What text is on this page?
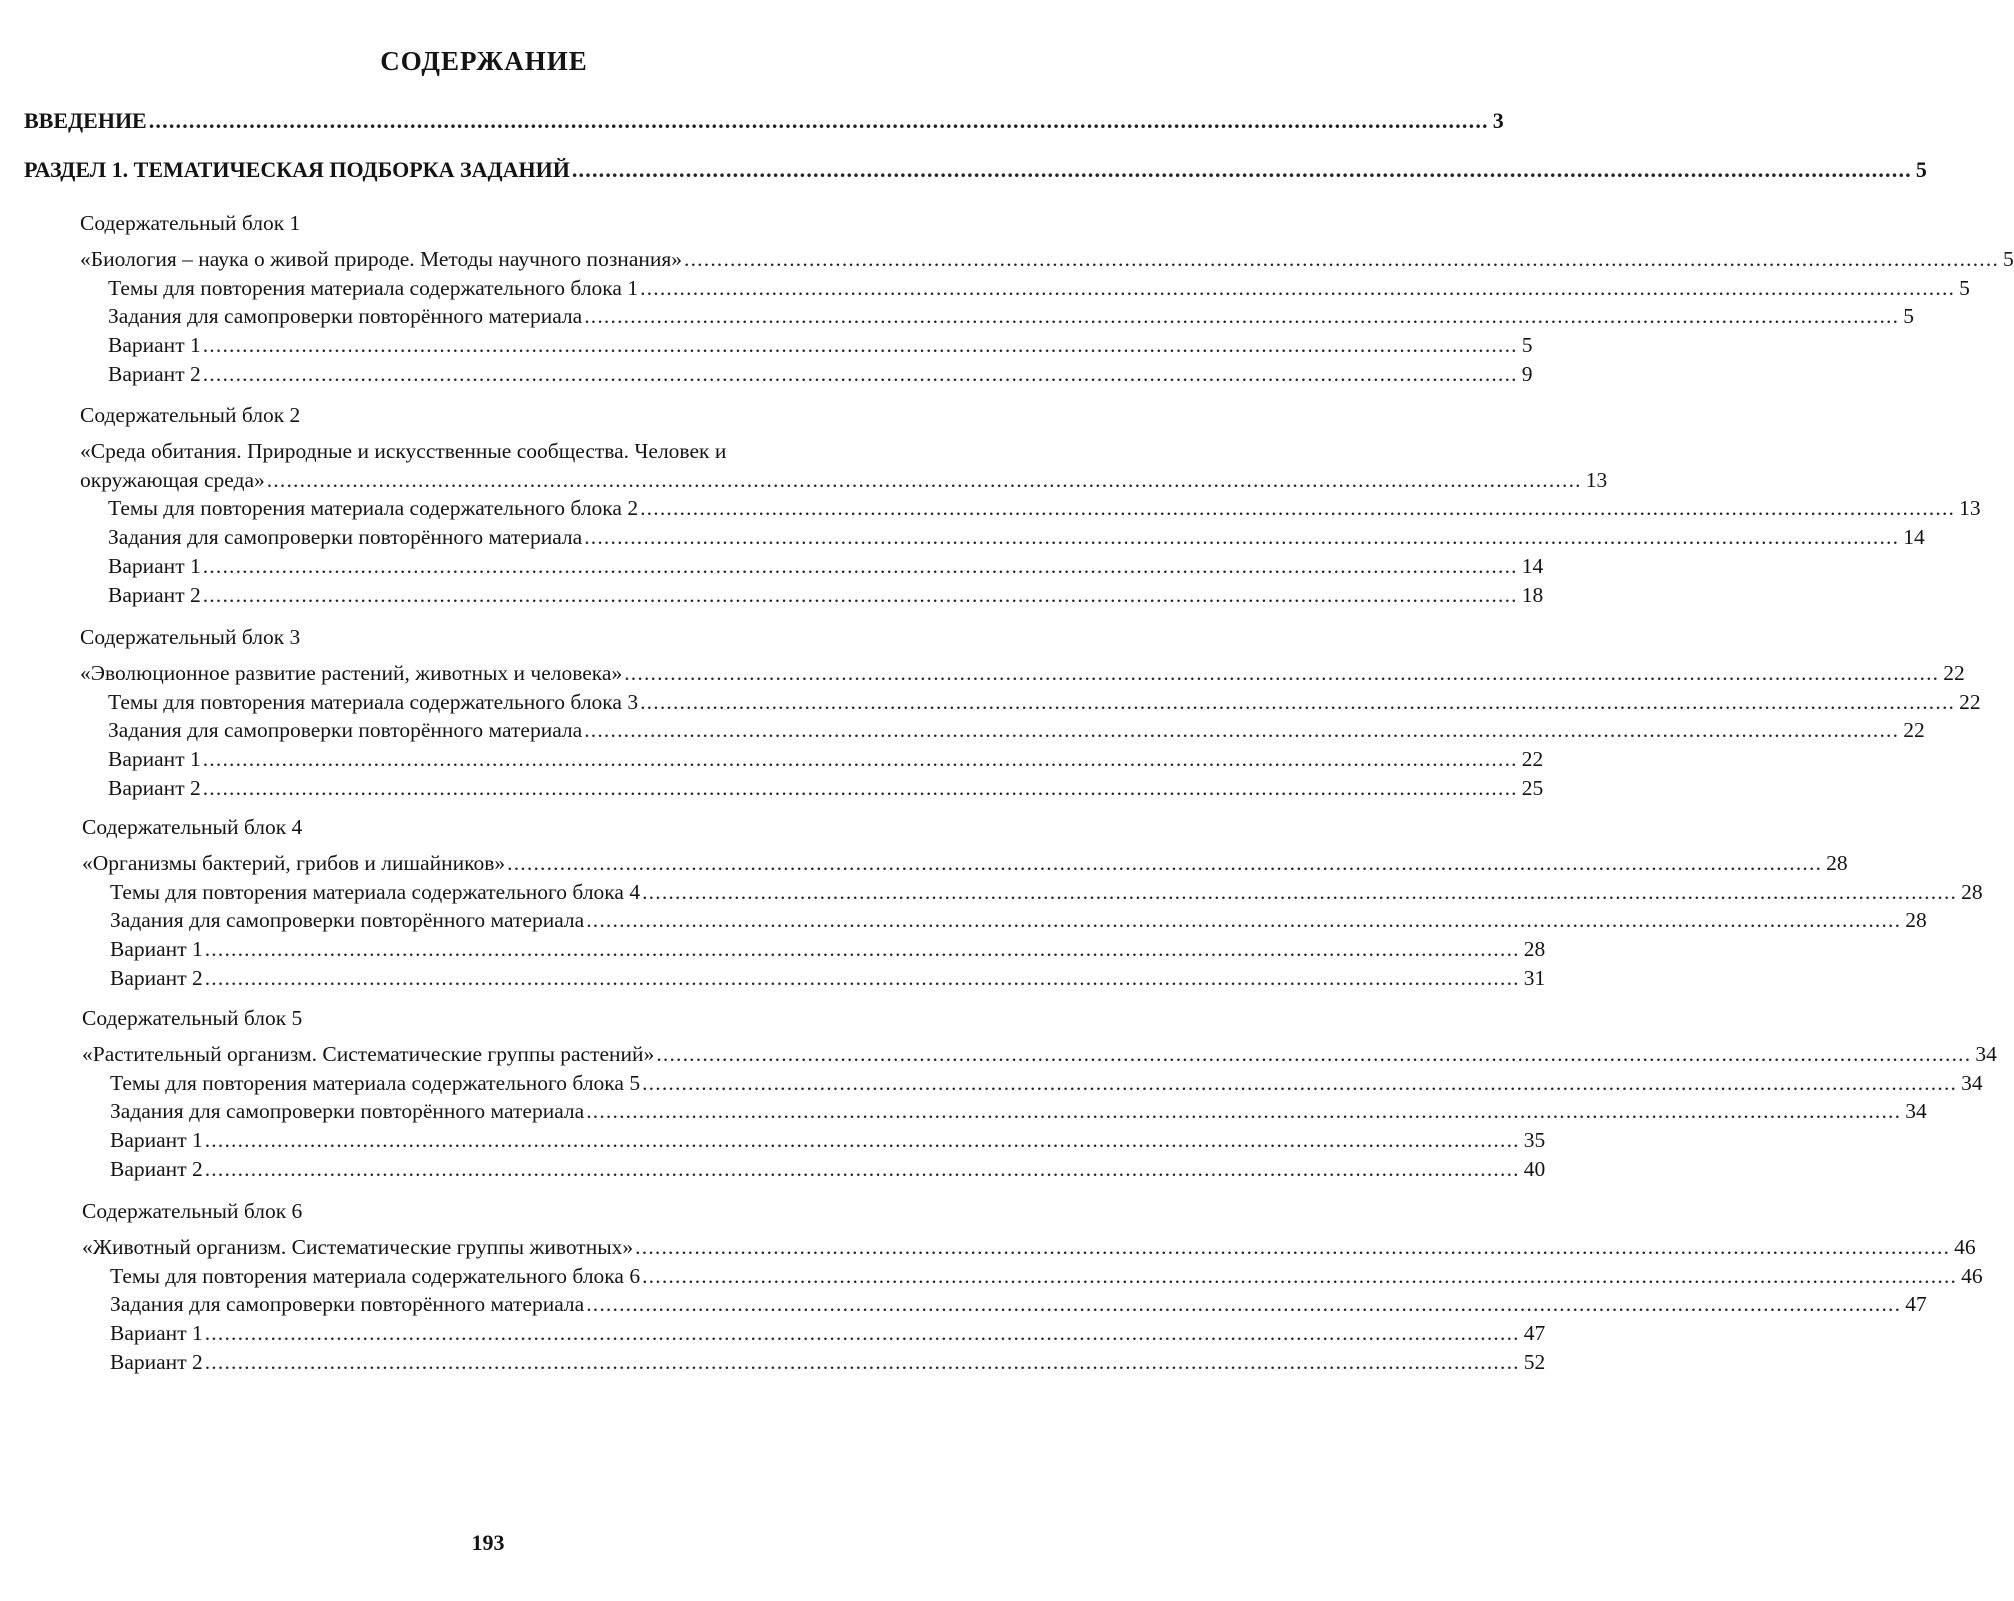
СОДЕРЖАНИЕ
ВВЕДЕНИЕ ........................................................................................................................................................................................................ 3
РАЗДЕЛ 1. ТЕМАТИЧЕСКАЯ ПОДБОРКА ЗАДАНИЙ ........................................................................................................................................................................................................ 5
Содержательный блок 1
«Биология – наука о живой природе. Методы научного познания» ........................................................................................................................................................................................................ 5
Темы для повторения материала содержательного блока 1 ........................................................................................................................................................................................................ 5
Задания для самопроверки повторённого материала ........................................................................................................................................................................................................ 5
Вариант 1 ........................................................................................................................................................................................................ 5
Вариант 2 ........................................................................................................................................................................................................ 9
Содержательный блок 2
«Среда обитания. Природные и искусственные сообщества. Человек и
окружающая среда» ........................................................................................................................................................................................................ 13
Темы для повторения материала содержательного блока 2 ........................................................................................................................................................................................................ 13
Задания для самопроверки повторённого материала ........................................................................................................................................................................................................ 14
Вариант 1 ........................................................................................................................................................................................................ 14
Вариант 2 ........................................................................................................................................................................................................ 18
Содержательный блок 3
«Эволюционное развитие растений, животных и человека» ........................................................................................................................................................................................................ 22
Темы для повторения материала содержательного блока 3 ........................................................................................................................................................................................................ 22
Задания для самопроверки повторённого материала ........................................................................................................................................................................................................ 22
Вариант 1 ........................................................................................................................................................................................................ 22
Вариант 2 ........................................................................................................................................................................................................ 25
Содержательный блок 4
«Организмы бактерий, грибов и лишайников» ........................................................................................................................................................................................................ 28
Темы для повторения материала содержательного блока 4 ........................................................................................................................................................................................................ 28
Задания для самопроверки повторённого материала ........................................................................................................................................................................................................ 28
Вариант 1 ........................................................................................................................................................................................................ 28
Вариант 2 ........................................................................................................................................................................................................ 31
Содержательный блок 5
«Растительный организм. Систематические группы растений» ........................................................................................................................................................................................................ 34
Темы для повторения материала содержательного блока 5 ........................................................................................................................................................................................................ 34
Задания для самопроверки повторённого материала ........................................................................................................................................................................................................ 34
Вариант 1 ........................................................................................................................................................................................................ 35
Вариант 2 ........................................................................................................................................................................................................ 40
Содержательный блок 6
«Животный организм. Систематические группы животных» ........................................................................................................................................................................................................ 46
Темы для повторения материала содержательного блока 6 ........................................................................................................................................................................................................ 46
Задания для самопроверки повторённого материала ........................................................................................................................................................................................................ 47
Вариант 1 ........................................................................................................................................................................................................ 47
Вариант 2 ........................................................................................................................................................................................................ 52
193
